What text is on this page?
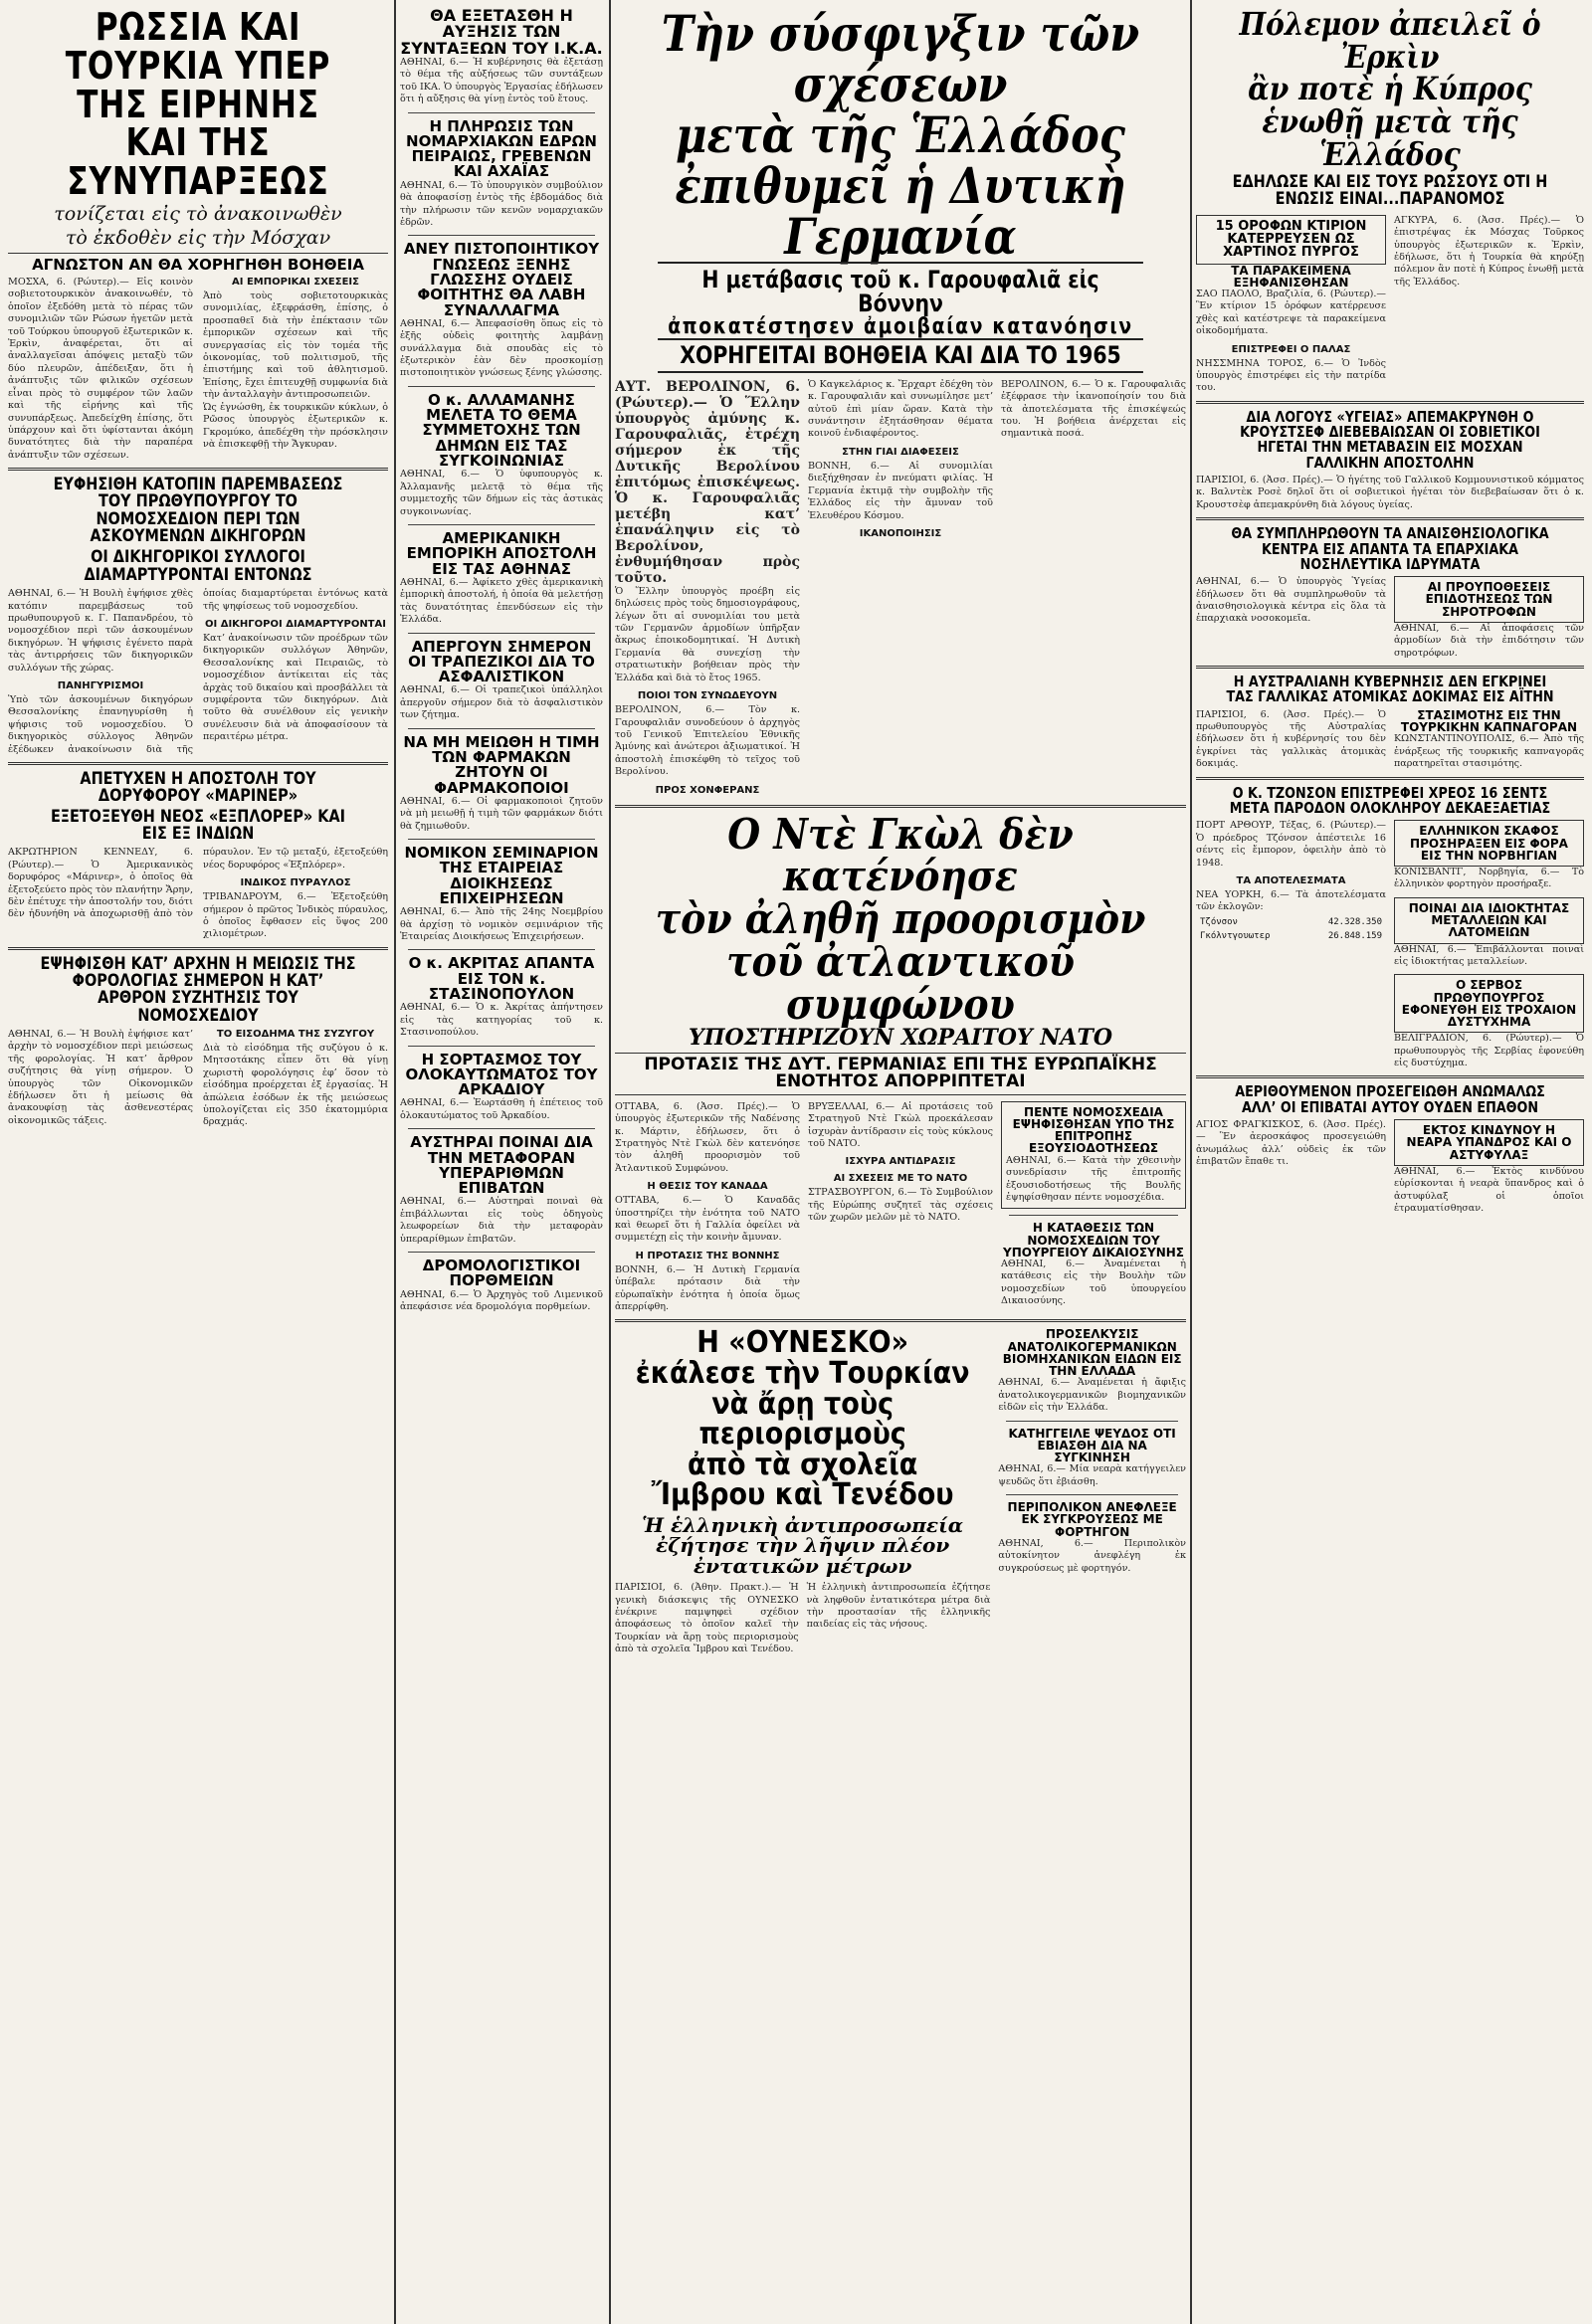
ΡΩΣΣΙΑ ΚΑΙ ΤΟΥΡΚΙΑ ΥΠΕΡ ΤΗΣ ΕΙΡΗΝΗΣ ΚΑΙ ΤΗΣ ΣΥΝΥΠΑΡΞΕΩΣ

τονίζεται εἰς τὸ ἀνακοινωθὲν

τὸ ἐκδοθὲν εἰς τὴν Μόσχαν

ΑΓΝΩΣΤΟΝ ΑΝ ΘΑ ΧΟΡΗΓΗΘΗ ΒΟΗΘΕΙΑ

ΜΟΣΧΑ, 6. (Ρώυτερ).— Εἰς κοινὸν σοβιετοτουρκικὸν ἀνακοινωθέν, τὸ ὁποῖον ἐξεδόθη μετὰ τὸ πέρας τῶν συνομιλιῶν τῶν Ρώσων ἡγετῶν μετὰ τοῦ Τούρκου ὑπουργοῦ ἐξωτερικῶν κ. Ἐρκὶν, ἀναφέρεται, ὅτι αἱ ἀναλλαγεῖσαι ἀπόψεις μεταξὺ τῶν δύο πλευρῶν, ἀπέδειξαν, ὅτι ἡ ἀνάπτυξις τῶν φιλικῶν σχέσεων εἶναι πρὸς τὸ συμφέρον τῶν λαῶν καὶ τῆς εἰρήνης καὶ τῆς συνυπάρξεως. Ἀπεδείχθη ἐπίσης, ὅτι ὑπάρχουν καὶ ὅτι ὑφίστανται ἀκόμη δυνατότητες διὰ τὴν παραπέρα ἀνάπτυξιν τῶν σχέσεων.

ΑΙ ΕΜΠΟΡΙΚΑΙ ΣΧΕΣΕΙΣ

Ἀπὸ τοὺς σοβιετοτουρκικὰς συνομιλίας, ἐξεφράσθη, ἐπίσης, ὁ προσπαθεῖ διὰ τὴν ἐπέκτασιν τῶν ἐμπορικῶν σχέσεων καὶ τῆς συνεργασίας εἰς τὸν τομέα τῆς ὀικονομίας, τοῦ πολιτισμοῦ, τῆς ἐπιστήμης καὶ τοῦ ἀθλητισμοῦ. Ἐπίσης, ἔχει ἐπιτευχθῇ συμφωνία διὰ τὴν ἀνταλλαγὴν ἀντιπροσωπειῶν.

Ὡς ἐγνώσθη, ἐκ τουρκικῶν κύκλων, ὁ Ρῶσος ὑπουργὸς ἐξωτερικῶν κ. Γκρομύκο, ἀπεδέχθη τὴν πρόσκλησιν νὰ ἐπισκεφθῇ τὴν Ἄγκυραν.

ΕΥΦΗΣΙΘΗ ΚΑΤΟΠΙΝ ΠΑΡΕΜΒΑΣΕΩΣ ΤΟΥ ΠΡΩΘΥΠΟΥΡΓΟΥ ΤΟ ΝΟΜΟΣΧΕΔΙΟΝ ΠΕΡΙ ΤΩΝ ΑΣΚΟΥΜΕΝΩΝ ΔΙΚΗΓΟΡΩΝ
ΟΙ ΔΙΚΗΓΟΡΙΚΟΙ ΣΥΛΛΟΓΟΙ ΔΙΑΜΑΡΤΥΡΟΝΤΑΙ ΕΝΤΟΝΩΣ

ΑΘΗΝΑΙ, 6.— Ἡ Βουλὴ ἐψήφισε χθὲς κατόπιν παρεμβάσεως τοῦ πρωθυπουργοῦ κ. Γ. Παπανδρέου, τὸ νομοσχέδιον περὶ τῶν ἀσκουμένων δικηγόρων. Ἡ ψήφισις ἐγένετο παρὰ τὰς ἀντιρρήσεις τῶν δικηγορικῶν συλλόγων τῆς χώρας.

ΠΑΝΗΓΥΡΙΣΜΟΙ

Ὑπὸ τῶν ἀσκουμένων δικηγόρων Θεσσαλονίκης ἐπανηγυρίσθη ἡ ψήφισις τοῦ νομοσχεδίου. Ὁ δικηγορικὸς σύλλογος Ἀθηνῶν ἐξέδωκεν ἀνακοίνωσιν διὰ τῆς ὁποίας διαμαρτύρεται ἐντόνως κατὰ τῆς ψηφίσεως τοῦ νομοσχεδίου.

ΟΙ ΔΙΚΗΓΟΡΟΙ ΔΙΑΜΑΡΤΥΡΟΝΤΑΙ

Κατ’ ἀνακοίνωσιν τῶν προέδρων τῶν δικηγορικῶν συλλόγων Ἀθηνῶν, Θεσσαλονίκης καὶ Πειραιῶς, τὸ νομοσχέδιον ἀντίκειται εἰς τὰς ἀρχὰς τοῦ δικαίου καὶ προσβάλλει τὰ συμφέροντα τῶν δικηγόρων. Διὰ τοῦτο θὰ συνέλθουν εἰς γενικὴν συνέλευσιν διὰ νὰ ἀποφασίσουν τὰ περαιτέρω μέτρα.

ΑΠΕΤΥΧΕΝ Η ΑΠΟΣΤΟΛΗ ΤΟΥ ΔΟΡΥΦΟΡΟΥ «ΜΑΡΙΝΕΡ»
ΕΞΕΤΟΞΕΥΘΗ ΝΕΟΣ «ΕΞΠΛΟΡΕΡ» ΚΑΙ ΕΙΣ ΕΞ ΙΝΔΙΩΝ

ΑΚΡΩΤΗΡΙΟΝ ΚΕΝΝΕΔΥ, 6. (Ρώυτερ).— Ὁ Ἀμερικανικὸς δορυφόρος «Μάρινερ», ὁ ὁποῖος θὰ ἐξετοξεύετο πρὸς τὸν πλανήτην Ἄρην, δὲν ἐπέτυχε τὴν ἀποστολήν του, διότι δὲν ἠδυνήθη νὰ ἀποχωρισθῇ ἀπὸ τὸν πύραυλον. Ἐν τῷ μεταξύ, ἐξετοξεύθη νέος δορυφόρος «Ἐξπλόρερ».

ΙΝΔΙΚΟΣ ΠΥΡΑΥΛΟΣ

ΤΡΙΒΑΝΔΡΟΥΜ, 6.— Ἐξετοξεύθη σήμερον ὁ πρῶτος Ἰνδικὸς πύραυλος, ὁ ὁποῖος ἔφθασεν εἰς ὕψος 200 χιλιομέτρων.

ΕΨΗΦΙΣΘΗ ΚΑΤ’ ΑΡΧΗΝ Η ΜΕΙΩΣΙΣ ΤΗΣ ΦΟΡΟΛΟΓΙΑΣ ΣΗΜΕΡΟΝ Η ΚΑΤ’ ΑΡΘΡΟΝ ΣΥΖΗΤΗΣΙΣ ΤΟΥ ΝΟΜΟΣΧΕΔΙΟΥ

ΑΘΗΝΑΙ, 6.— Ἡ Βουλὴ ἐψήφισε κατ’ ἀρχὴν τὸ νομοσχέδιον περὶ μειώσεως τῆς φορολογίας. Ἡ κατ’ ἄρθρον συζήτησις θὰ γίνῃ σήμερον. Ὁ ὑπουργὸς τῶν Οἰκονομικῶν ἐδήλωσεν ὅτι ἡ μείωσις θὰ ἀνακουφίσῃ τὰς ἀσθενεστέρας οἰκονομικῶς τάξεις.

ΤΟ ΕΙΣΟΔΗΜΑ ΤΗΣ ΣΥΖΥΓΟΥ

Διὰ τὸ εἰσόδημα τῆς συζύγου ὁ κ. Μητσοτάκης εἶπεν ὅτι θὰ γίνῃ χωριστὴ φορολόγησις ἐφ’ ὅσον τὸ εἰσόδημα προέρχεται ἐξ ἐργασίας. Ἡ ἀπώλεια ἐσόδων ἐκ τῆς μειώσεως ὑπολογίζεται εἰς 350 ἑκατομμύρια δραχμάς.

ΘΑ ΕΞΕΤΑΣΘΗ Η ΑΥΞΗΣΙΣ ΤΩΝ ΣΥΝΤΑΞΕΩΝ ΤΟΥ Ι.Κ.Α.

ΑΘΗΝΑΙ, 6.— Ἡ κυβέρνησις θὰ ἐξετάσῃ τὸ θέμα τῆς αὐξήσεως τῶν συντάξεων τοῦ ΙΚΑ. Ὁ ὑπουργὸς Ἐργασίας ἐδήλωσεν ὅτι ἡ αὔξησις θὰ γίνῃ ἐντὸς τοῦ ἔτους.

Η ΠΛΗΡΩΣΙΣ ΤΩΝ ΝΟΜΑΡΧΙΑΚΩΝ ΕΔΡΩΝ ΠΕΙΡΑΙΩΣ, ΓΡΕΒΕΝΩΝ ΚΑΙ ΑΧΑΪΑΣ

ΑΘΗΝΑΙ, 6.— Τὸ ὑπουργικὸν συμβούλιον θὰ ἀποφασίσῃ ἐντὸς τῆς ἑβδομάδος διὰ τὴν πλήρωσιν τῶν κενῶν νομαρχιακῶν ἐδρῶν.

ΑΝΕΥ ΠΙΣΤΟΠΟΙΗΤΙΚΟΥ ΓΝΩΣΕΩΣ ΞΕΝΗΣ ΓΛΩΣΣΗΣ ΟΥΔΕΙΣ ΦΟΙΤΗΤΗΣ ΘΑ ΛΑΒΗ ΣΥΝΑΛΛΑΓΜΑ

ΑΘΗΝΑΙ, 6.— Ἀπεφασίσθη ὅπως εἰς τὸ ἑξῆς οὐδεὶς φοιτητὴς λαμβάνῃ συνάλλαγμα διὰ σπουδὰς εἰς τὸ ἐξωτερικὸν ἐὰν δὲν προσκομίσῃ πιστοποιητικὸν γνώσεως ξένης γλώσσης.

Ο κ. ΑΛΛΑΜΑΝΗΣ ΜΕΛΕΤΑ ΤΟ ΘΕΜΑ ΣΥΜΜΕΤΟΧΗΣ ΤΩΝ ΔΗΜΩΝ ΕΙΣ ΤΑΣ ΣΥΓΚΟΙΝΩΝΙΑΣ

ΑΘΗΝΑΙ, 6.— Ὁ ὑφυπουργὸς κ. Ἀλλαμανῆς μελετᾷ τὸ θέμα τῆς συμμετοχῆς τῶν δήμων εἰς τὰς ἀστικὰς συγκοινωνίας.

ΑΜΕΡΙΚΑΝΙΚΗ ΕΜΠΟΡΙΚΗ ΑΠΟΣΤΟΛΗ ΕΙΣ ΤΑΣ ΑΘΗΝΑΣ

ΑΘΗΝΑΙ, 6.— Ἀφίκετο χθὲς ἀμερικανικὴ ἐμπορικὴ ἀποστολή, ἡ ὁποία θὰ μελετήσῃ τὰς δυνατότητας ἐπενδύσεων εἰς τὴν Ἑλλάδα.

ΑΠΕΡΓΟΥΝ ΣΗΜΕΡΟΝ ΟΙ ΤΡΑΠΕΖΙΚΟΙ ΔΙΑ ΤΟ ΑΣΦΑΛΙΣΤΙΚΟΝ

ΑΘΗΝΑΙ, 6.— Οἱ τραπεζικοὶ ὑπάλληλοι ἀπεργοῦν σήμερον διὰ τὸ ἀσφαλιστικὸν των ζήτημα.

ΝΑ ΜΗ ΜΕΙΩΘΗ Η ΤΙΜΗ ΤΩΝ ΦΑΡΜΑΚΩΝ ΖΗΤΟΥΝ ΟΙ ΦΑΡΜΑΚΟΠΟΙΟΙ

ΑΘΗΝΑΙ, 6.— Οἱ φαρμακοποιοὶ ζητοῦν νὰ μὴ μειωθῇ ἡ τιμὴ τῶν φαρμάκων διότι θὰ ζημιωθοῦν.

ΝΟΜΙΚΟΝ ΣΕΜΙΝΑΡΙΟΝ ΤΗΣ ΕΤΑΙΡΕΙΑΣ ΔΙΟΙΚΗΣΕΩΣ ΕΠΙΧΕΙΡΗΣΕΩΝ

ΑΘΗΝΑΙ, 6.— Ἀπὸ τῆς 24ης Νοεμβρίου θὰ ἀρχίσῃ τὸ νομικὸν σεμινάριον τῆς Ἑταιρείας Διοικήσεως Ἐπιχειρήσεων.

Ο κ. ΑΚΡΙΤΑΣ ΑΠΑΝΤΑ ΕΙΣ ΤΟΝ κ. ΣΤΑΣΙΝΟΠΟΥΛΟΝ

ΑΘΗΝΑΙ, 6.— Ὁ κ. Ἀκρίτας ἀπήντησεν εἰς τὰς κατηγορίας τοῦ κ. Στασινοπούλου.

Η ΣΟΡΤΑΣΜΟΣ ΤΟΥ ΟΛΟΚΑΥΤΩΜΑΤΟΣ ΤΟΥ ΑΡΚΑΔΙΟΥ

ΑΘΗΝΑΙ, 6.— Ἑωρτάσθη ἡ ἐπέτειος τοῦ ὁλοκαυτώματος τοῦ Ἀρκαδίου.

ΑΥΣΤΗΡΑΙ ΠΟΙΝΑΙ ΔΙΑ ΤΗΝ ΜΕΤΑΦΟΡΑΝ ΥΠΕΡΑΡΙΘΜΩΝ ΕΠΙΒΑΤΩΝ

ΑΘΗΝΑΙ, 6.— Αὐστηραὶ ποιναὶ θὰ ἐπιβάλλωνται εἰς τοὺς ὁδηγοὺς λεωφορείων διὰ τὴν μεταφορὰν ὑπεραρίθμων ἐπιβατῶν.

ΔΡΟΜΟΛΟΓΙΣΤΙΚΟΙ ΠΟΡΘΜΕΙΩΝ

ΑΘΗΝΑΙ, 6.— Ὁ Ἀρχηγὸς τοῦ Λιμενικοῦ ἀπεφάσισε νέα δρομολόγια πορθμείων.

Τὴν σύσφιγξιν τῶν σχέσεων
μετὰ τῆς Ἑλλάδος
ἐπιθυμεῖ ἡ Δυτικὴ Γερμανία
Η μετάβασις τοῦ κ. Γαρουφαλιᾶ εἰς Βόννην
ἀποκατέστησεν ἀμοιβαίαν κατανόησιν
ΧΟΡΗΓΕΙΤΑΙ ΒΟΗΘΕΙΑ ΚΑΙ ΔΙΑ ΤΟ 1965

ΑΥΤ. ΒΕΡΟΛΙΝΟΝ, 6. (Ρώυτερ).— Ὁ Ἕλλην ὑπουργὸς ἀμύνης κ. Γαρουφαλιᾶς, ἐτρέχη σήμερον ἐκ τῆς Δυτικῆς Βερολίνου ἐπιτόμως ἐπισκέψεως. Ὁ κ. Γαρουφαλιᾶς μετέβη κατ’ ἐπανάληψιν εἰς τὸ Βερολίνον, ἐνθυμήθησαν πρὸς τοῦτο.

Ὁ Ἕλλην ὑπουργὸς προέβη εἰς δηλώσεις πρὸς τοὺς δημοσιογράφους, λέγων ὅτι αἱ συνομιλίαι του μετὰ τῶν Γερμανῶν ἀρμοδίων ὑπῆρξαν ἄκρως ἐποικοδομητικαί. Ἡ Δυτικὴ Γερμανία θὰ συνεχίσῃ τὴν στρατιωτικὴν βοήθειαν πρὸς τὴν Ἑλλάδα καὶ διὰ τὸ ἔτος 1965.

ΠΟΙΟΙ ΤΟΝ ΣΥΝΩΔΕΥΟΥΝ

ΒΕΡΟΛΙΝΟΝ, 6.— Τὸν κ. Γαρουφαλιᾶν συνοδεύουν ὁ ἀρχηγὸς τοῦ Γενικοῦ Ἐπιτελείου Ἐθνικῆς Ἀμύνης καὶ ἀνώτεροι ἀξιωματικοί. Ἡ ἀποστολὴ ἐπισκέφθη τὸ τεῖχος τοῦ Βερολίνου.

ΠΡΟΣ ΧΟΝΦΕΡΑΝΣ

Ὁ Καγκελάριος κ. Ἔρχαρτ ἐδέχθη τὸν κ. Γαρουφαλιᾶν καὶ συνωμίλησε μετ’ αὐτοῦ ἐπὶ μίαν ὥραν. Κατὰ τὴν συνάντησιν ἐξητάσθησαν θέματα κοινοῦ ἐνδιαφέροντος.

ΣΤΗΝ ΓΙΑΙ ΔΙΑΦΕΣΕΙΣ

ΒΟΝΝΗ, 6.— Αἱ συνομιλίαι διεξήχθησαν ἐν πνεύματι φιλίας. Ἡ Γερμανία ἐκτιμᾷ τὴν συμβολὴν τῆς Ἑλλάδος εἰς τὴν ἄμυναν τοῦ Ἐλευθέρου Κόσμου.

ΙΚΑΝΟΠΟΙΗΣΙΣ

ΒΕΡΟΛΙΝΟΝ, 6.— Ὁ κ. Γαρουφαλιᾶς ἐξέφρασε τὴν ἱκανοποίησίν του διὰ τὰ ἀποτελέσματα τῆς ἐπισκέψεώς του. Ἡ βοήθεια ἀνέρχεται εἰς σημαντικὰ ποσά.

Ο Ντὲ Γκὼλ δὲν κατένόησε
τὸν ἀληθῆ προορισμὸν
τοῦ ἀτλαντικοῦ συμφώνου
ΥΠΟΣΤΗΡΙΖΟΥΝ ΧΩΡΑΙΤΟΥ ΝΑΤΟ
ΠΡΟΤΑΣΙΣ ΤΗΣ ΔΥΤ. ΓΕΡΜΑΝΙΑΣ ΕΠΙ ΤΗΣ ΕΥΡΩΠΑΪΚΗΣ ΕΝΟΤΗΤΟΣ ΑΠΟΡΡΙΠΤΕΤΑΙ

ΟΤΤΑΒΑ, 6. (Ἀσσ. Πρές).— Ὁ ὑπουργὸς ἐξωτερικῶν τῆς Ναδένσης κ. Μάρτιν, ἐδήλωσεν, ὅτι ὁ Στρατηγὸς Ντὲ Γκὼλ δὲν κατενόησε τὸν ἀληθῆ προορισμὸν τοῦ Ἀτλαντικοῦ Συμφώνου.

Η ΘΕΣΙΣ ΤΟΥ ΚΑΝΑΔΑ

ΟΤΤΑΒΑ, 6.— Ὁ Καναδᾶς ὑποστηρίζει τὴν ἑνότητα τοῦ ΝΑΤΟ καὶ θεωρεῖ ὅτι ἡ Γαλλία ὀφείλει νὰ συμμετέχῃ εἰς τὴν κοινὴν ἄμυναν.

Η ΠΡΟΤΑΣΙΣ ΤΗΣ ΒΟΝΝΗΣ

ΒΟΝΝΗ, 6.— Ἡ Δυτικὴ Γερμανία ὑπέβαλε πρότασιν διὰ τὴν εὐρωπαϊκὴν ἑνότητα ἡ ὁποία ὅμως ἀπερρίφθη.

ΒΡΥΞΕΛΛΑΙ, 6.— Αἱ προτάσεις τοῦ Στρατηγοῦ Ντὲ Γκὼλ προεκάλεσαν ἰσχυρὰν ἀντίδρασιν εἰς τοὺς κύκλους τοῦ ΝΑΤΟ.

ΙΣΧΥΡΑ ΑΝΤΙΔΡΑΣΙΣ
ΑΙ ΣΧΕΣΕΙΣ ΜΕ ΤΟ ΝΑΤΟ

ΣΤΡΑΣΒΟΥΡΓΟΝ, 6.— Τὸ Συμβούλιον τῆς Εὐρώπης συζητεῖ τὰς σχέσεις τῶν χωρῶν μελῶν μὲ τὸ ΝΑΤΟ.

ΠΕΝΤΕ ΝΟΜΟΣΧΕΔΙΑ ΕΨΗΦΙΣΘΗΣΑΝ ΥΠΟ ΤΗΣ ΕΠΙΤΡΟΠΗΣ ΕΞΟΥΣΙΟΔΟΤΗΣΕΩΣ

ΑΘΗΝΑΙ, 6.— Κατὰ τὴν χθεσινὴν συνεδρίασιν τῆς ἐπιτροπῆς ἐξουσιοδοτήσεως τῆς Βουλῆς ἐψηφίσθησαν πέντε νομοσχέδια.

Η ΚΑΤΑΘΕΣΙΣ ΤΩΝ ΝΟΜΟΣΧΕΔΙΩΝ ΤΟΥ ΥΠΟΥΡΓΕΙΟΥ ΔΙΚΑΙΟΣΥΝΗΣ

ΑΘΗΝΑΙ, 6.— Ἀναμένεται ἡ κατάθεσις εἰς τὴν Βουλὴν τῶν νομοσχεδίων τοῦ ὑπουργείου Δικαιοσύνης.

Η «ΟΥΝΕΣΚΟ» ἐκάλεσε τὴν Τουρκίαν
νὰ ἄρῃ τοὺς περιορισμοὺς
ἀπὸ τὰ σχολεῖα Ἴμβρου καὶ Τενέδου
Ἡ ἑλληνικὴ ἀντιπροσωπεία ἐζήτησε τὴν λῆψιν πλέον ἐντατικῶν μέτρων

ΠΑΡΙΣΙΟΙ, 6. (Ἀθην. Πρακτ.).— Ἡ γενικὴ διάσκεψις τῆς ΟΥΝΕΣΚΟ ἐνέκρινε παμψηφεὶ σχέδιον ἀποφάσεως τὸ ὁποῖον καλεῖ τὴν Τουρκίαν νὰ ἄρῃ τοὺς περιορισμοὺς ἀπὸ τὰ σχολεῖα Ἴμβρου καὶ Τενέδου.

Ἡ ἑλληνικὴ ἀντιπροσωπεία ἐζήτησε νὰ ληφθοῦν ἐντατικότερα μέτρα διὰ τὴν προστασίαν τῆς ἑλληνικῆς παιδείας εἰς τὰς νήσους.

ΠΡΟΣΕΛΚΥΣΙΣ ΑΝΑΤΟΛΙΚΟΓΕΡΜΑΝΙΚΩΝ ΒΙΟΜΗΧΑΝΙΚΩΝ ΕΙΔΩΝ ΕΙΣ ΤΗΝ ΕΛΛΑΔΑ

ΑΘΗΝΑΙ, 6.— Ἀναμένεται ἡ ἄφιξις ἀνατολικογερμανικῶν βιομηχανικῶν εἰδῶν εἰς τὴν Ἑλλάδα.

ΚΑΤΗΓΓΕΙΛΕ ΨΕΥΔΟΣ ΟΤΙ ΕΒΙΑΣΘΗ ΔΙΑ ΝΑ ΣΥΓΚΙΝΗΣΗ

ΑΘΗΝΑΙ, 6.— Μία νεαρὰ κατήγγειλεν ψευδῶς ὅτι ἐβιάσθη.

ΠΕΡΙΠΟΛΙΚΟΝ ΑΝΕΦΛΕΞΕ ΕΚ ΣΥΓΚΡΟΥΣΕΩΣ ΜΕ ΦΟΡΤΗΓΟΝ

ΑΘΗΝΑΙ, 6.— Περιπολικὸν αὐτοκίνητον ἀνεφλέγη ἐκ συγκρούσεως μὲ φορτηγόν.

Πόλεμον ἀπειλεῖ ὁ Ἐρκὶν
ἂν ποτὲ ἡ Κύπρος
ἑνωθῇ μετὰ τῆς Ἑλλάδος
ΕΔΗΛΩΣΕ ΚΑΙ ΕΙΣ ΤΟΥΣ ΡΩΣΣΟΥΣ ΟΤΙ Η ΕΝΩΣΙΣ ΕΙΝΑΙ...ΠΑΡΑΝΟΜΟΣ
15 ΟΡΟΦΩΝ ΚΤΙΡΙΟΝ ΚΑΤΕΡΡΕΥΣΕΝ ΩΣ ΧΑΡΤΙΝΟΣ ΠΥΡΓΟΣ
ΤΑ ΠΑΡΑΚΕΙΜΕΝΑ ΕΞΗΦΑΝΙΣΘΗΣΑΝ

ΣΑΟ ΠΑΟΛΟ, Βραζιλία, 6. (Ρώυτερ).— Ἓν κτίριον 15 ὀρόφων κατέρρευσε χθὲς καὶ κατέστρεψε τὰ παρακείμενα οἰκοδομήματα.

ΕΠΙΣΤΡΕΦΕΙ Ο ΠΑΛΑΣ

ΝΗΣΣΜΗΝΑ ΤΟΡΟΣ, 6.— Ὁ Ἰνδὸς ὑπουργὸς ἐπιστρέφει εἰς τὴν πατρίδα του.

ΑΓΚΥΡΑ, 6. (Ἀσσ. Πρές).— Ὁ ἐπιστρέψας ἐκ Μόσχας Τοῦρκος ὑπουργὸς ἐξωτερικῶν κ. Ἐρκὶν, ἐδήλωσε, ὅτι ἡ Τουρκία θὰ κηρύξῃ πόλεμον ἂν ποτὲ ἡ Κύπρος ἑνωθῇ μετὰ τῆς Ἑλλάδος.

ΔΙΑ ΛΟΓΟΥΣ «ΥΓΕΙΑΣ» ΑΠΕΜΑΚΡΥΝΘΗ Ο ΚΡΟΥΣΤΣΕΦ ΔΙΕΒΕΒΑΙΩΣΑΝ ΟΙ ΣΟΒΙΕΤΙΚΟΙ ΗΓΕΤΑΙ ΤΗΝ ΜΕΤΑΒΑΣΙΝ ΕΙΣ ΜΟΣΧΑΝ ΓΑΛΛΙΚΗΝ ΑΠΟΣΤΟΛΗΝ

ΠΑΡΙΣΙΟΙ, 6. (Ἀσσ. Πρές).— Ὁ ἡγέτης τοῦ Γαλλικοῦ Κομμουνιστικοῦ κόμματος κ. Βαλντὲκ Ροσὲ δηλοῖ ὅτι οἱ σοβιετικοὶ ἡγέται τὸν διεβεβαίωσαν ὅτι ὁ κ. Κρουστσὲφ ἀπεμακρύνθη διὰ λόγους ὑγείας.

ΘΑ ΣΥΜΠΛΗΡΩΘΟΥΝ ΤΑ ΑΝΑΙΣΘΗΣΙΟΛΟΓΙΚΑ ΚΕΝΤΡΑ ΕΙΣ ΑΠΑΝΤΑ ΤΑ ΕΠΑΡΧΙΑΚΑ ΝΟΣΗΛΕΥΤΙΚΑ ΙΔΡΥΜΑΤΑ

ΑΘΗΝΑΙ, 6.— Ὁ ὑπουργὸς Ὑγείας ἐδήλωσεν ὅτι θὰ συμπληρωθοῦν τὰ ἀναισθησιολογικὰ κέντρα εἰς ὅλα τὰ ἐπαρχιακὰ νοσοκομεῖα.

ΑΙ ΠΡΟΥΠΟΘΕΣΕΙΣ ΕΠΙΔΟΤΗΣΕΩΣ ΤΩΝ ΣΗΡΟΤΡΟΦΩΝ

ΑΘΗΝΑΙ, 6.— Αἱ ἀποφάσεις τῶν ἁρμοδίων διὰ τὴν ἐπιδότησιν τῶν σηροτρόφων.

Η ΑΥΣΤΡΑΛΙΑΝΗ ΚΥΒΕΡΝΗΣΙΣ ΔΕΝ ΕΓΚΡΙΝΕΙ ΤΑΣ ΓΑΛΛΙΚΑΣ ΑΤΟΜΙΚΑΣ ΔΟΚΙΜΑΣ ΕΙΣ ΑΪΤΗΝ

ΠΑΡΙΣΙΟΙ, 6. (Ἀσσ. Πρές).— Ὁ πρωθυπουργὸς τῆς Αὐστραλίας ἐδήλωσεν ὅτι ἡ κυβέρνησίς του δὲν ἐγκρίνει τὰς γαλλικὰς ἀτομικὰς δοκιμάς.

ΣΤΑΣΙΜΟΤΗΣ ΕΙΣ ΤΗΝ ΤΟΥΡΚΙΚΗΝ ΚΑΠΝΑΓΟΡΑΝ

ΚΩΝΣΤΑΝΤΙΝΟΥΠΟΛΙΣ, 6.— Ἀπὸ τῆς ἐνάρξεως τῆς τουρκικῆς καπναγορᾶς παρατηρεῖται στασιμότης.

Ο Κ. ΤΖΟΝΣΟΝ ΕΠΙΣΤΡΕΦΕΙ ΧΡΕΟΣ 16 ΣΕΝΤΣ ΜΕΤΑ ΠΑΡΟΔΟΝ ΟΛΟΚΛΗΡΟΥ ΔΕΚΑΕΞΑΕΤΙΑΣ

ΠΟΡΤ ΑΡΘΟΥΡ, Τέξας, 6. (Ρώυτερ).— Ὁ πρόεδρος Τζόνσον ἀπέστειλε 16 σέντς εἰς ἔμπορον, ὀφειλὴν ἀπὸ τὸ 1948.

ΤΑ ΑΠΟΤΕΛΕΣΜΑΤΑ

ΝΕΑ ΥΟΡΚΗ, 6.— Τὰ ἀποτελέσματα τῶν ἐκλογῶν:

Τζόνσον	42.328.350
Γκόλντγουωτερ	26.848.159
ΕΛΛΗΝΙΚΟΝ ΣΚΑΦΟΣ ΠΡΟΣΗΡΑΞΕΝ ΕΙΣ ΦΟΡΑ ΕΙΣ ΤΗΝ ΝΟΡΒΗΓΙΑΝ

ΚΟΝΙΣΒΑΝΤΓ, Νορβηγία, 6.— Τὸ ἑλληνικὸν φορτηγὸν προσήραξε.

ΠΟΙΝΑΙ ΔΙΑ ΙΔΙΟΚΤΗΤΑΣ ΜΕΤΑΛΛΕΙΩΝ ΚΑΙ ΛΑΤΟΜΕΙΩΝ

ΑΘΗΝΑΙ, 6.— Ἐπιβάλλονται ποιναὶ εἰς ἰδιοκτήτας μεταλλείων.

Ο ΣΕΡΒΟΣ ΠΡΩΘΥΠΟΥΡΓΟΣ ΕΦΟΝΕΥΘΗ ΕΙΣ ΤΡΟΧΑΙΟΝ ΔΥΣΤΥΧΗΜΑ

ΒΕΛΙΓΡΑΔΙΟΝ, 6. (Ρώυτερ).— Ὁ πρωθυπουργὸς τῆς Σερβίας ἐφονεύθη εἰς δυστύχημα.

ΑΕΡΙΘΟΥΜΕΝΟΝ ΠΡΟΣΕΓΕΙΩΘΗ ΑΝΩΜΑΛΩΣ ΑΛΛ’ ΟΙ ΕΠΙΒΑΤΑΙ ΑΥΤΟΥ ΟΥΔΕΝ ΕΠΑΘΟΝ

ΑΓΙΟΣ ΦΡΑΓΚΙΣΚΟΣ, 6. (Ἀσσ. Πρές).— Ἓν ἀεροσκάφος προσεγειώθη ἀνωμάλως ἀλλ’ οὐδεὶς ἐκ τῶν ἐπιβατῶν ἔπαθε τι.

ΕΚΤΟΣ ΚΙΝΔΥΝΟΥ Η ΝΕΑΡΑ ΥΠΑΝΔΡΟΣ ΚΑΙ Ο ΑΣΤΥΦΥΛΑΞ

ΑΘΗΝΑΙ, 6.— Ἐκτὸς κινδύνου εὑρίσκονται ἡ νεαρὰ ὕπανδρος καὶ ὁ ἀστυφύλαξ οἱ ὁποῖοι ἐτραυματίσθησαν.
